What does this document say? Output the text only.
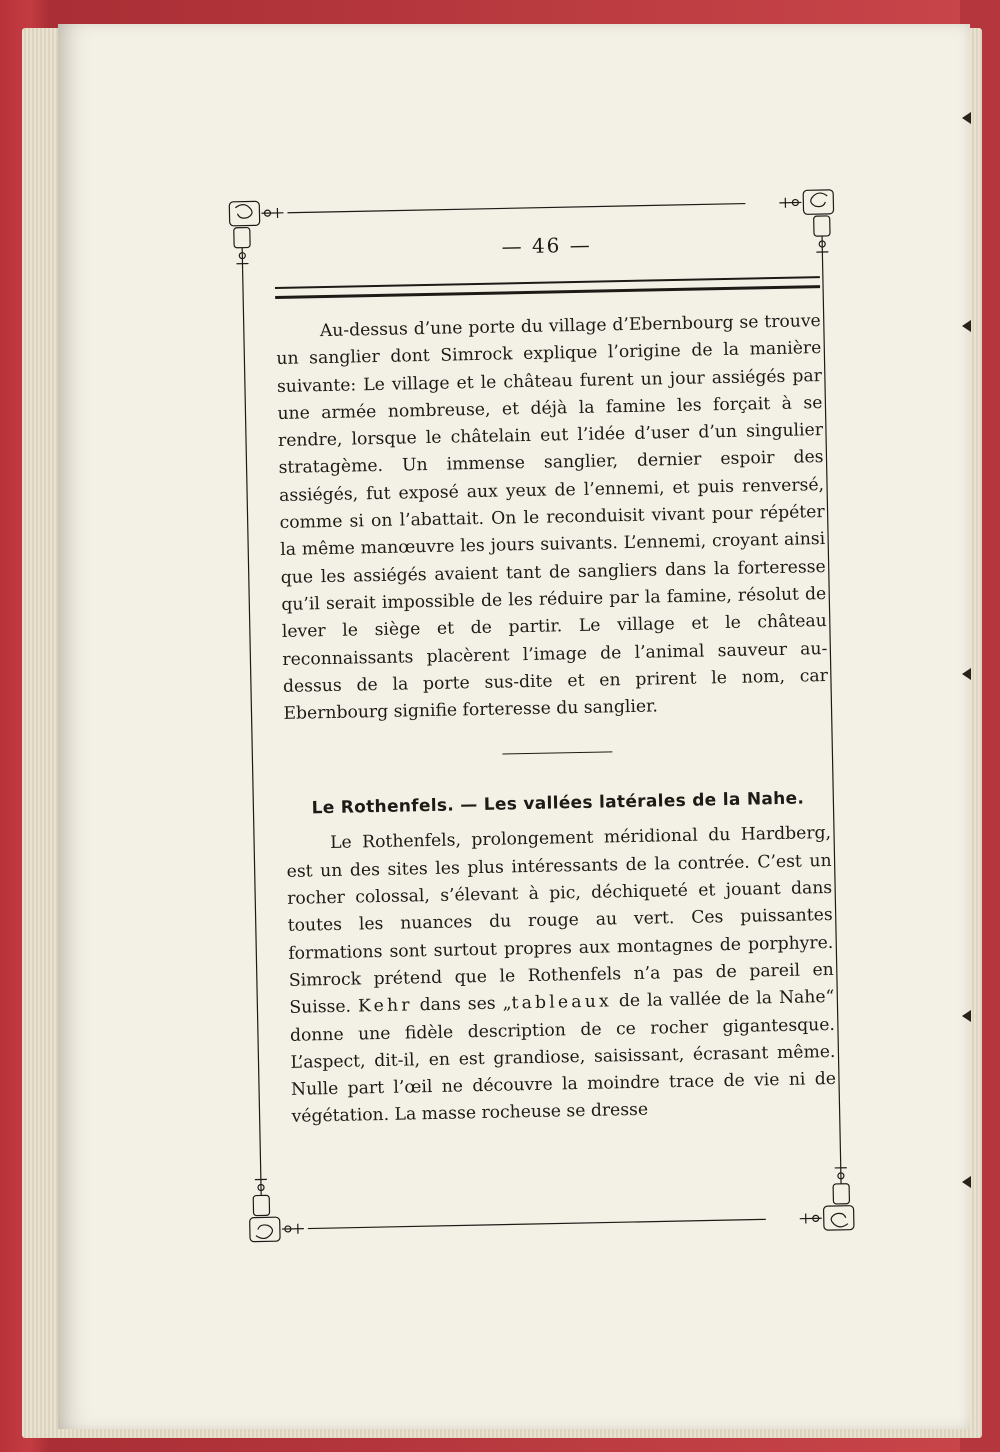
— 46 —

Au-dessus d’une porte du village d’Ebernbourg se trouve un sanglier dont Simrock explique l’origine de la manière suivante: Le village et le château furent un jour assiégés par une armée nombreuse, et déjà la famine les forçait à se rendre, lorsque le châtelain eut l’idée d’user d’un singulier stratagème. Un immense sanglier, dernier espoir des assiégés, fut exposé aux yeux de l’ennemi, et puis renversé, comme si on l’abattait. On le reconduisit vivant pour répéter la même manœuvre les jours suivants. L’ennemi, croyant ainsi que les assiégés avaient tant de sangliers dans la forteresse qu’il serait impossible de les réduire par la famine, résolut de lever le siège et de partir. Le village et le château reconnaissants placèrent l’image de l’animal sauveur au-dessus de la porte sus-dite et en prirent le nom, car Ebernbourg signifie forteresse du sanglier.

Le Rothenfels. — Les vallées latérales de la Nahe.

Le Rothenfels, prolongement méridional du Hardberg, est un des sites les plus intéressants de la contrée. C’est un rocher colossal, s’élevant à pic, déchiqueté et jouant dans toutes les nuances du rouge au vert. Ces puissantes formations sont surtout propres aux montagnes de porphyre. Simrock prétend que le Rothenfels n’a pas de pareil en Suisse. Kehr dans ses „tableaux de la vallée de la Nahe“ donne une fidèle description de ce rocher gigantesque. L’aspect, dit-il, en est grandiose, saisissant, écrasant même. Nulle part l’œil ne découvre la moindre trace de vie ni de végétation. La masse rocheuse se dresse
